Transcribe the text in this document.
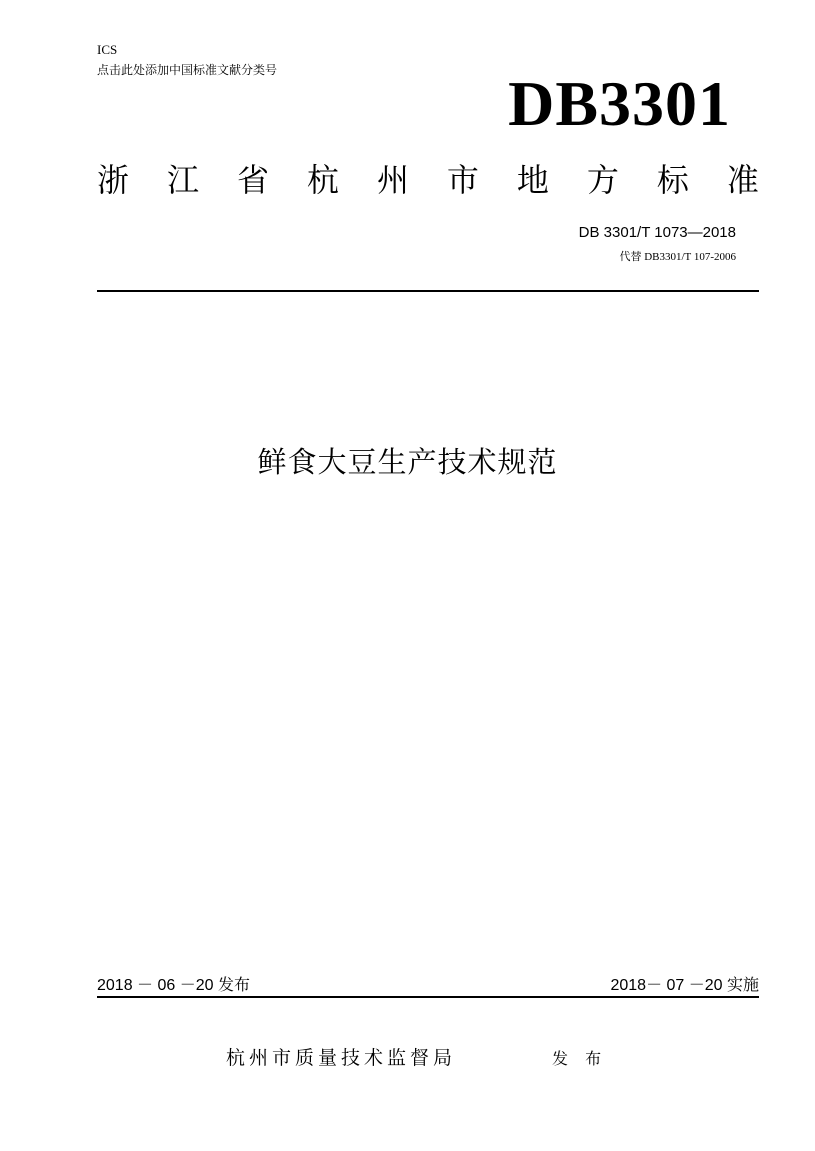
ICS
点击此处添加中国标准文献分类号	DB3301
浙 江 省 杭 州 市 地 方 标 准
DB 3301/T 1073—2018
代替 DB3301/T 107-2006
鲜食大豆生产技术规范
2018 － 06 －20 发布	2018－ 07 －20 实施
杭州市质量技术监督局	发 布
